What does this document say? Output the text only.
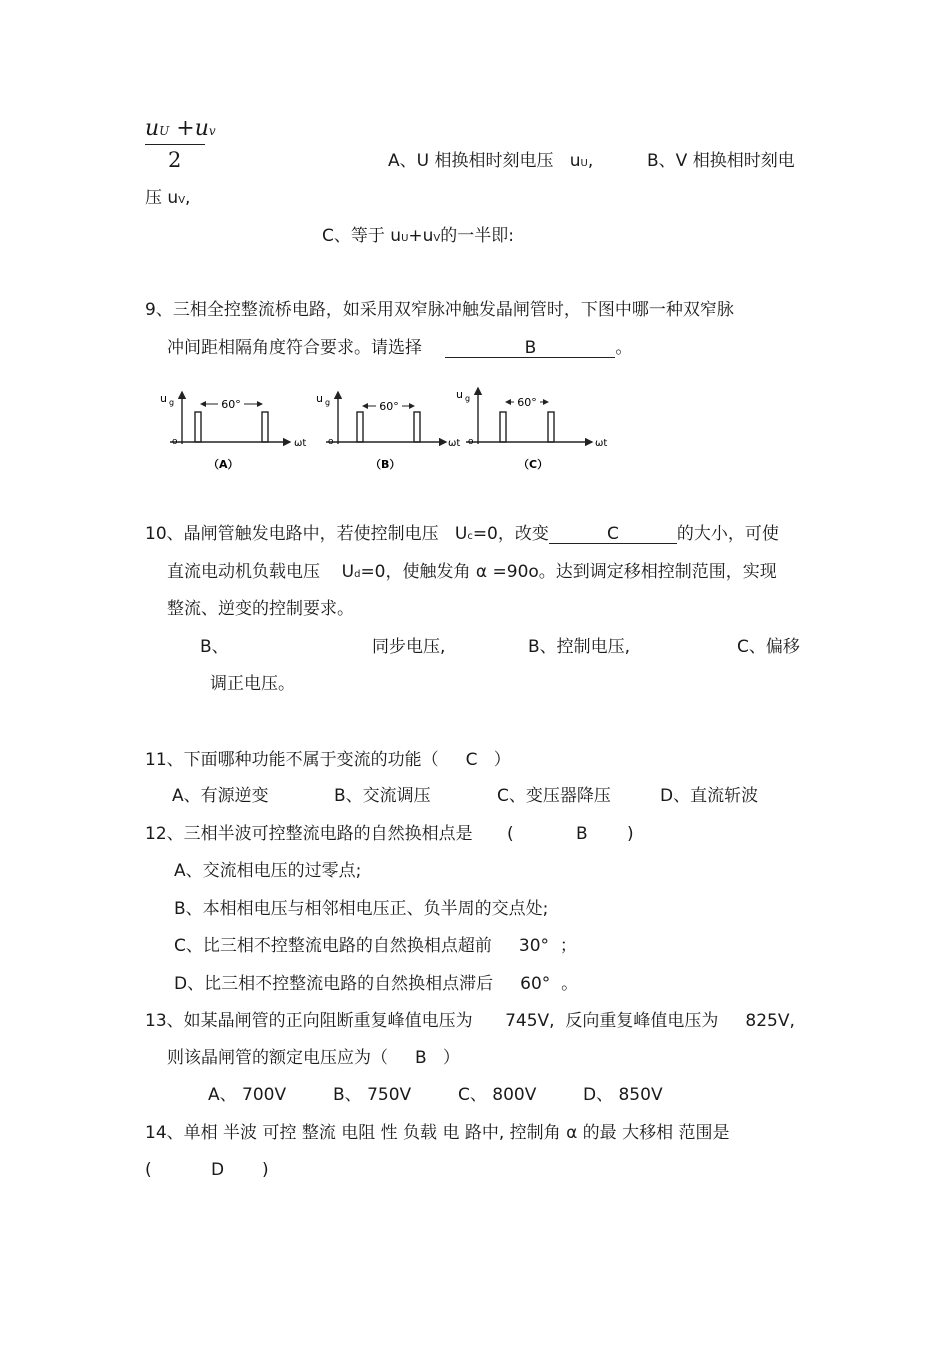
uU +uv
2	A、U 相换相时刻电压 uU,	B、V 相换相时刻电
压 uV,
C、等于 uU+uV的一半即:
9、三相全控整流桥电路，如采用双窄脉冲触发晶闸管时，下图中哪一种双窄脉
冲间距相隔角度符合要求。请选择	B	。
60°
u g
o	ωt
（A）
60°
u g
o	ωt
（B）
60°
u g
o	ωt
（C）
10、晶闸管触发电路中，若使控制电压 Uc=0，改变	C	的大小，可使
直流电动机负载电压 Ud=0，使触发角 α =90o。达到调定移相控制范围，实现
整流、逆变的控制要求。
B、	同步电压,	B、控制电压,	C、偏移
调正电压。
11、下面哪种功能不属于变流的功能（ C ）
A、有源逆变	B、交流调压	C、变压器降压	D、直流斩波
12、三相半波可控整流电路的自然换相点是 (	B )
A、交流相电压的过零点;
B、本相相电压与相邻相电压正、负半周的交点处;
C、比三相不控整流电路的自然换相点超前 30° ；
D、比三相不控整流电路的自然换相点滞后 60° 。
13、如某晶闸管的正向阻断重复峰值电压为 745V, 反向重复峰值电压为 825V,
则该晶闸管的额定电压应为（ B ）
A、 700V	B、 750V	C、 800V	D、 850V
14、单相 半波 可控 整流 电阻 性 负载 电 路中, 控制角 α 的最 大移相 范围是
(	D )
